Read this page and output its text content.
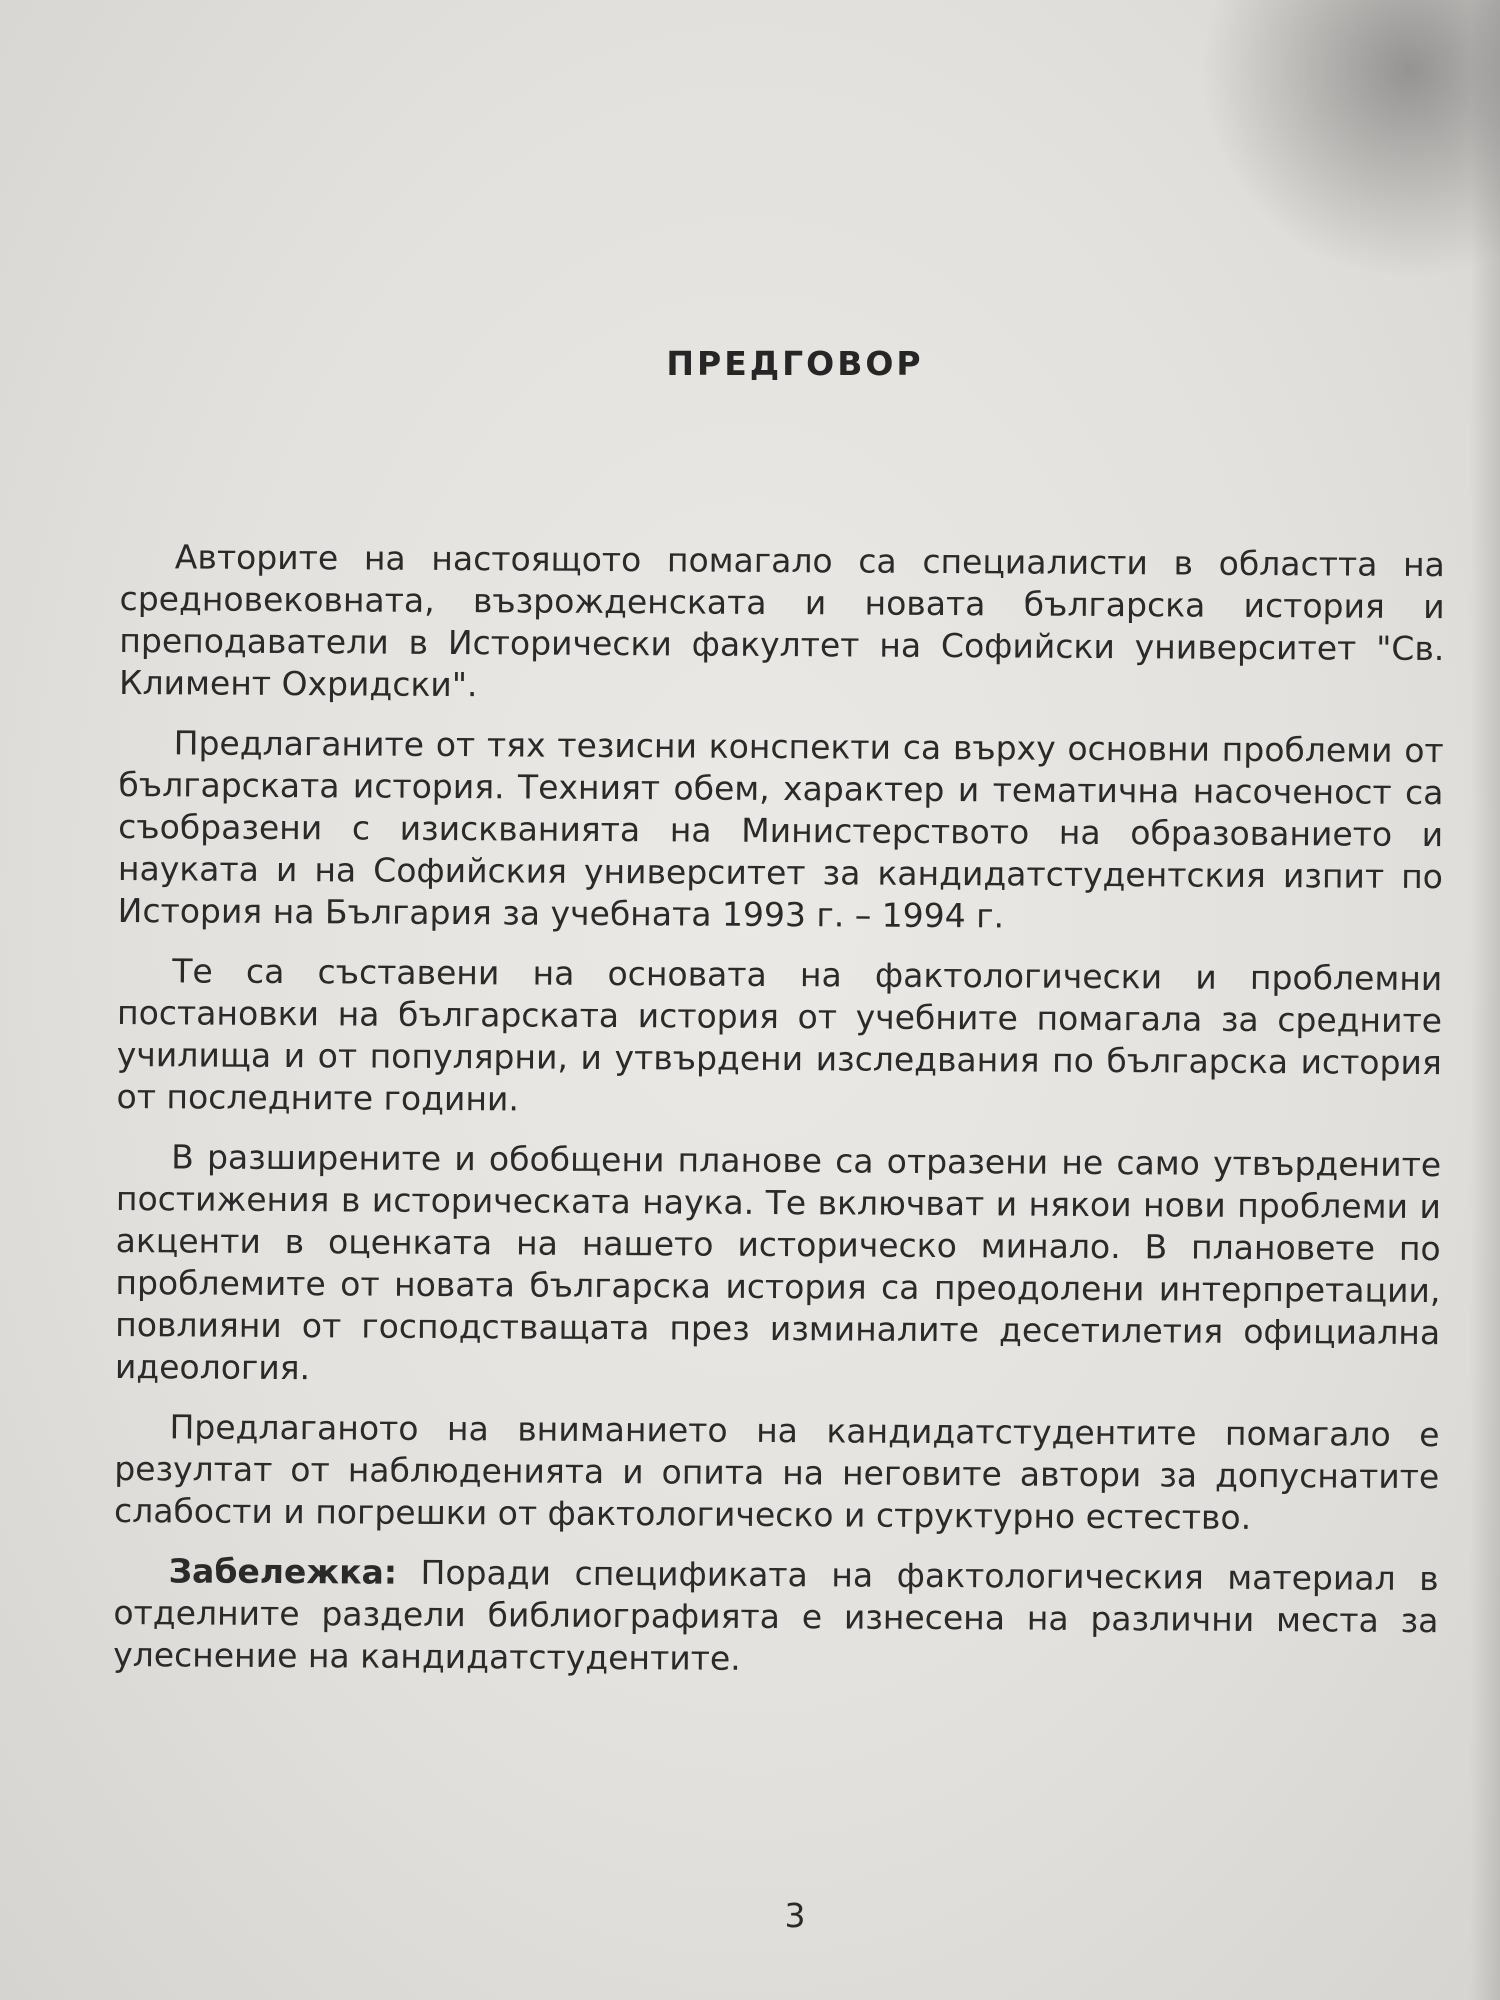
ПРЕДГОВОР

Авторите на настоящото помагало са специалисти в областта на средновековната, възрожденската и новата българска история и преподаватели в Исторически факултет на Софийски университет "Св. Климент Охридски".

Предлаганите от тях тезисни конспекти са върху основни проблеми от българската история. Техният обем, характер и тематична насоченост са съобразени с изискванията на Министерството на образованието и науката и на Софийския университет за кандидатстудентския изпит по История на България за учебната 1993 г. – 1994 г.

Те са съставени на основата на фактологически и проблемни постановки на българската история от учебните помагала за средните училища и от популярни, и утвърдени изследвания по българска история от последните години.

В разширените и обобщени планове са отразени не само утвърдените постижения в историческата наука. Те включват и някои нови проблеми и акценти в оценката на нашето историческо минало. В плановете по проблемите от новата българска история са преодолени интерпретации, повлияни от господстващата през изминалите десетилетия официална идеология.

Предлаганото на вниманието на кандидатстудентите помагало е резултат от наблюденията и опита на неговите автори за допуснатите слабости и погрешки от фактологическо и структурно естество.

Забележка: Поради спецификата на фактологическия материал в отделните раздели библиографията е изнесена на различни места за улеснение на кандидатстудентите.

3
